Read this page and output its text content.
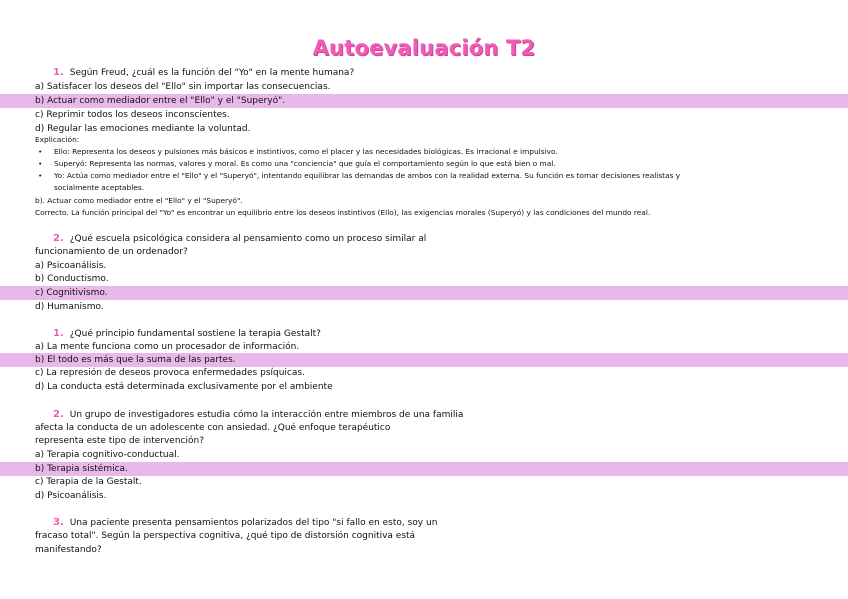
Autoevaluación T2
1. Según Freud, ¿cuál es la función del "Yo" en la mente humana?
a) Satisfacer los deseos del "Ello" sin importar las consecuencias.
b) Actuar como mediador entre el "Ello" y el "Superyó".
c) Reprimir todos los deseos inconscientes.
d) Regular las emociones mediante la voluntad.
Explicación:
• Ello: Representa los deseos y pulsiones más básicos e instintivos, como el placer y las necesidades biológicas. Es irracional e impulsivo.
• Superyó: Representa las normas, valores y moral. Es como una "conciencia" que guía el comportamiento según lo que está bien o mal.
• Yo: Actúa como mediador entre el "Ello" y el "Superyó", intentando equilibrar las demandas de ambos con la realidad externa. Su función es tomar decisiones realistas y
socialmente aceptables.
b). Actuar como mediador entre el "Ello" y el "Superyó".
Correcto. La función principal del "Yo" es encontrar un equilibrio entre los deseos instintivos (Ello), las exigencias morales (Superyó) y las condiciones del mundo real.
2. ¿Qué escuela psicológica considera al pensamiento como un proceso similar al
funcionamiento de un ordenador?
a) Psicoanálisis.
b) Conductismo.
c) Cognitivismo.
d) Humanismo.
1. ¿Qué principio fundamental sostiene la terapia Gestalt?
a) La mente funciona como un procesador de información.
b) El todo es más que la suma de las partes.
c) La represión de deseos provoca enfermedades psíquicas.
d) La conducta está determinada exclusivamente por el ambiente
2. Un grupo de investigadores estudia cómo la interacción entre miembros de una familia
afecta la conducta de un adolescente con ansiedad. ¿Qué enfoque terapéutico
representa este tipo de intervención?
a) Terapia cognitivo-conductual.
b) Terapia sistémica.
c) Terapia de la Gestalt.
d) Psicoanálisis.
3. Una paciente presenta pensamientos polarizados del tipo "si fallo en esto, soy un
fracaso total". Según la perspectiva cognitiva, ¿qué tipo de distorsión cognitiva está
manifestando?
